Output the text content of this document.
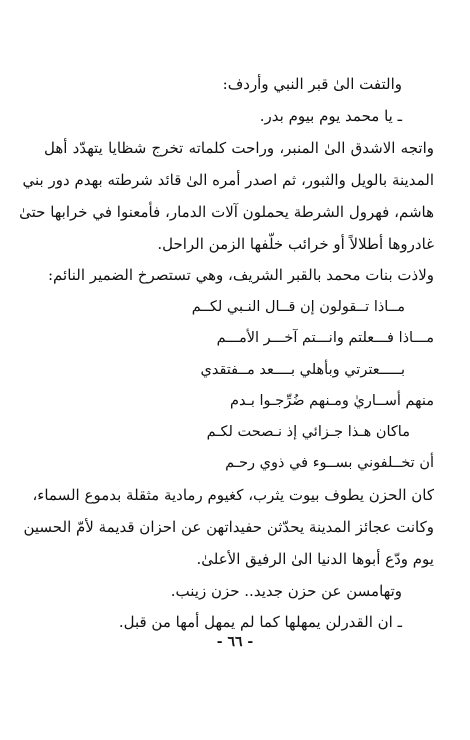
والتفت الىٰ قبر النبي وأردف:

ـ يا محمد يوم بيوم بدر.

واتجه الاشدق الىٰ المنبر، وراحت كلماته تخرج شظايا يتهدّد أهل

المدينة بالويل والثبور، ثم اصدر أمره الىٰ قائد شرطته بهدم دور بني

هاشم، فهرول الشرطة يحملون آلات الدمار، فأمعنوا في خرابها حتىٰ

غادروها أطلالاً أو خرائب خلّفها الزمن الراحل.

ولاذت بنات محمد بالقبر الشريف، وهي تستصرخ الضمير النائم:

مــاذا تــقولون إن قــال النـبي لكــم

مـــاذا فـــعلتم وانـــتم آخـــر الأمـــم

بـــــعترتي وبأهلي بــــعد مــفتقدي

منهم أســاريٰ ومـنهم ضُرِّجـوا بـدم

ماكان هـذا جـزائي إذ نـصحت لكـم

أن تخــلفوني بســوء في ذوي رحـم

كان الحزن يطوف بيوت يثرب، كغيوم رمادية مثقلة بدموع السماء،

وكانت عجائز المدينة يحدّثن حفيداتهن عن احزان قديمة لأمّ الحسين

يوم ودّع أبوها الدنيا الىٰ الرفيق الأعلىٰ.

وتهامسن عن حزن جديد.. حزن زينب.

ـ ان القدرلن يمهلها كما لم يمهل أمها من قبل.

- ٦٦ -
